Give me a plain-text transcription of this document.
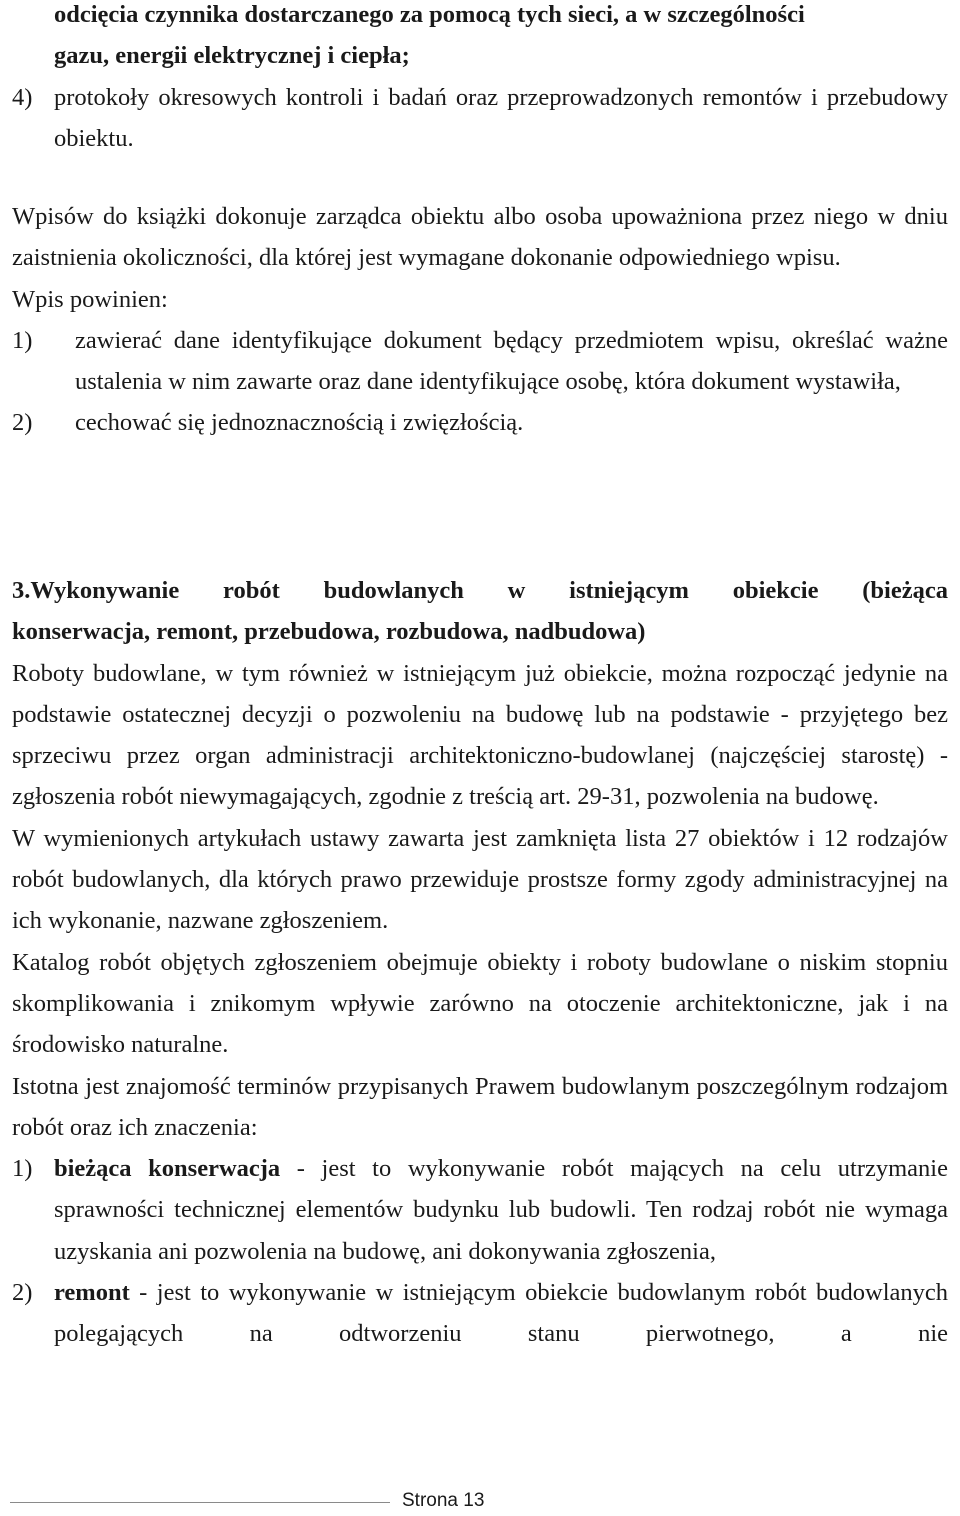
odcięcia czynnika dostarczanego za pomocą tych sieci, a w szczególności

gazu, energii elektrycznej i ciepła;

4) protokoły okresowych kontroli i badań oraz przeprowadzonych remontów i przebudowy obiektu.

Wpisów do książki dokonuje zarządca obiektu albo osoba upoważniona przez niego w dniu zaistnienia okoliczności, dla której jest wymagane dokonanie odpowiedniego wpisu.

Wpis powinien:

1)	zawierać dane identyfikujące dokument będący przedmiotem wpisu, określać ważne ustalenia w nim zawarte oraz dane identyfikujące osobę, która dokument wystawiła,
2)	cechować się jednoznacznością i zwięzłością.

3.Wykonywanie robót budowlanych w istniejącym obiekcie (bieżąca

konserwacja, remont, przebudowa, rozbudowa, nadbudowa)

Roboty budowlane, w tym również w istniejącym już obiekcie, można rozpocząć jedynie na podstawie ostatecznej decyzji o pozwoleniu na budowę lub na podstawie - przyjętego bez sprzeciwu przez organ administracji architektoniczno-budowlanej (najczęściej starostę) - zgłoszenia robót niewymagających, zgodnie z treścią art. 29-31, pozwolenia na budowę.

W wymienionych artykułach ustawy zawarta jest zamknięta lista 27 obiektów i 12 rodzajów robót budowlanych, dla których prawo przewiduje prostsze formy zgody administracyjnej na ich wykonanie, nazwane zgłoszeniem.

Katalog robót objętych zgłoszeniem obejmuje obiekty i roboty budowlane o niskim stopniu skomplikowania i znikomym wpływie zarówno na otoczenie architektoniczne, jak i na środowisko naturalne.

Istotna jest znajomość terminów przypisanych Prawem budowlanym poszczególnym rodzajom robót oraz ich znaczenia:

1) bieżąca konserwacja - jest to wykonywanie robót mających na celu utrzymanie sprawności technicznej elementów budynku lub budowli. Ten rodzaj robót nie wymaga uzyskania ani pozwolenia na budowę, ani dokonywania zgłoszenia,
2) remont - jest to wykonywanie w istniejącym obiekcie budowlanym robót budowlanych polegających na odtworzeniu stanu pierwotnego, a nie
Strona 13
